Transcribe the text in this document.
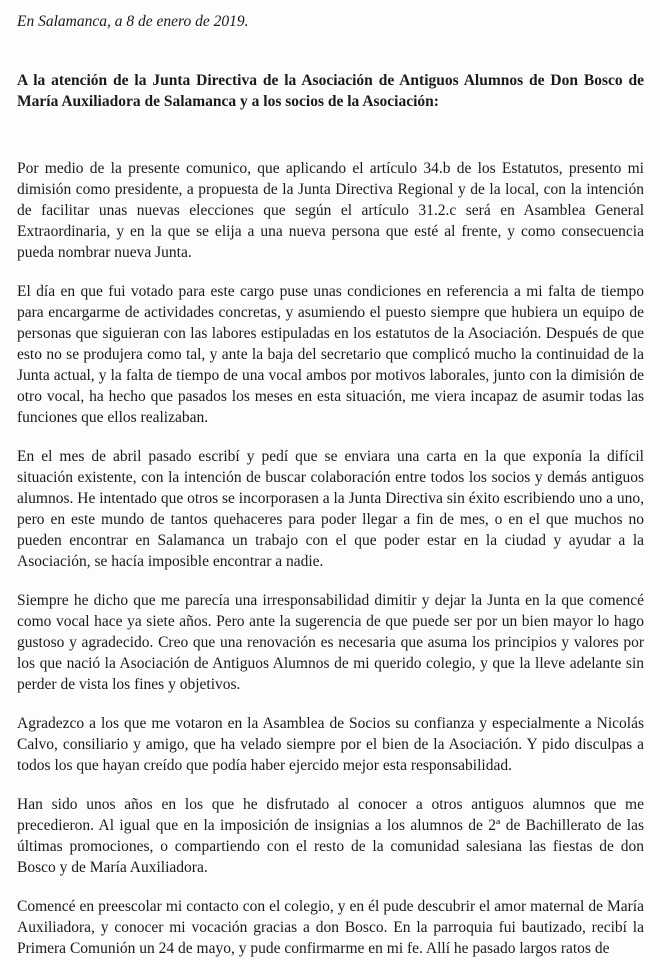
En Salamanca, a 8 de enero de 2019.
A la atención de la Junta Directiva de la Asociación de Antiguos Alumnos de Don Bosco de María Auxiliadora de Salamanca y a los socios de la Asociación:

Por medio de la presente comunico, que aplicando el artículo 34.b de los Estatutos, presento mi dimisión como presidente, a propuesta de la Junta Directiva Regional y de la local, con la intención de facilitar unas nuevas elecciones que según el artículo 31.2.c será en Asamblea General Extraordinaria, y en la que se elija a una nueva persona que esté al frente, y como consecuencia pueda nombrar nueva Junta.

El día en que fui votado para este cargo puse unas condiciones en referencia a mi falta de tiempo para encargarme de actividades concretas, y asumiendo el puesto siempre que hubiera un equipo de personas que siguieran con las labores estipuladas en los estatutos de la Asociación. Después de que esto no se produjera como tal, y ante la baja del secretario que complicó mucho la continuidad de la Junta actual, y la falta de tiempo de una vocal ambos por motivos laborales, junto con la dimisión de otro vocal, ha hecho que pasados los meses en esta situación, me viera incapaz de asumir todas las funciones que ellos realizaban.

En el mes de abril pasado escribí y pedí que se enviara una carta en la que exponía la difícil situación existente, con la intención de buscar colaboración entre todos los socios y demás antiguos alumnos. He intentado que otros se incorporasen a la Junta Directiva sin éxito escribiendo uno a uno, pero en este mundo de tantos quehaceres para poder llegar a fin de mes, o en el que muchos no pueden encontrar en Salamanca un trabajo con el que poder estar en la ciudad y ayudar a la Asociación, se hacía imposible encontrar a nadie.

Siempre he dicho que me parecía una irresponsabilidad dimitir y dejar la Junta en la que comencé como vocal hace ya siete años. Pero ante la sugerencia de que puede ser por un bien mayor lo hago gustoso y agradecido. Creo que una renovación es necesaria que asuma los principios y valores por los que nació la Asociación de Antiguos Alumnos de mi querido colegio, y que la lleve adelante sin perder de vista los fines y objetivos.

Agradezco a los que me votaron en la Asamblea de Socios su confianza y especialmente a Nicolás Calvo, consiliario y amigo, que ha velado siempre por el bien de la Asociación. Y pido disculpas a todos los que hayan creído que podía haber ejercido mejor esta responsabilidad.

Han sido unos años en los que he disfrutado al conocer a otros antiguos alumnos que me precedieron. Al igual que en la imposición de insignias a los alumnos de 2ª de Bachillerato de las últimas promociones, o compartiendo con el resto de la comunidad salesiana las fiestas de don Bosco y de María Auxiliadora.

Comencé en preescolar mi contacto con el colegio, y en él pude descubrir el amor maternal de María Auxiliadora, y conocer mi vocación gracias a don Bosco. En la parroquia fui bautizado, recibí la Primera Comunión un 24 de mayo, y pude confirmarme en mi fe. Allí he pasado largos ratos de
